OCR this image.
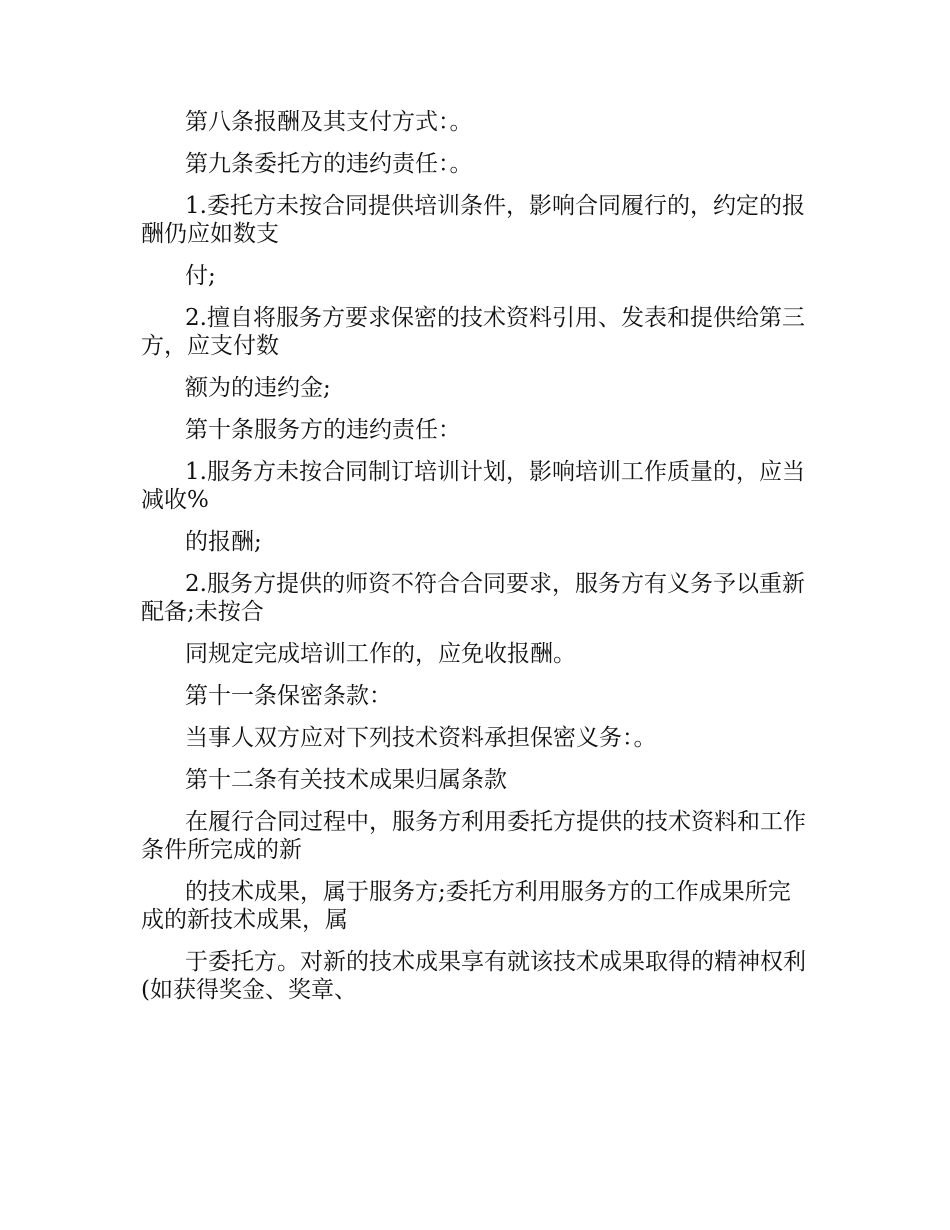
第八条报酬及其支付方式：。

第九条委托方的违约责任：。

1.委托方未按合同提供培训条件，影响合同履行的，约定的报酬仍应如数支

付;

2.擅自将服务方要求保密的技术资料引用、发表和提供给第三方，应支付数

额为的违约金;

第十条服务方的违约责任：

1.服务方未按合同制订培训计划，影响培训工作质量的，应当减收%

的报酬;

2.服务方提供的师资不符合合同要求，服务方有义务予以重新配备;未按合

同规定完成培训工作的，应免收报酬。

第十一条保密条款：

当事人双方应对下列技术资料承担保密义务：。

第十二条有关技术成果归属条款

在履行合同过程中，服务方利用委托方提供的技术资料和工作条件所完成的新

的技术成果，属于服务方;委托方利用服务方的工作成果所完成的新技术成果，属

于委托方。对新的技术成果享有就该技术成果取得的精神权利(如获得奖金、奖章、
